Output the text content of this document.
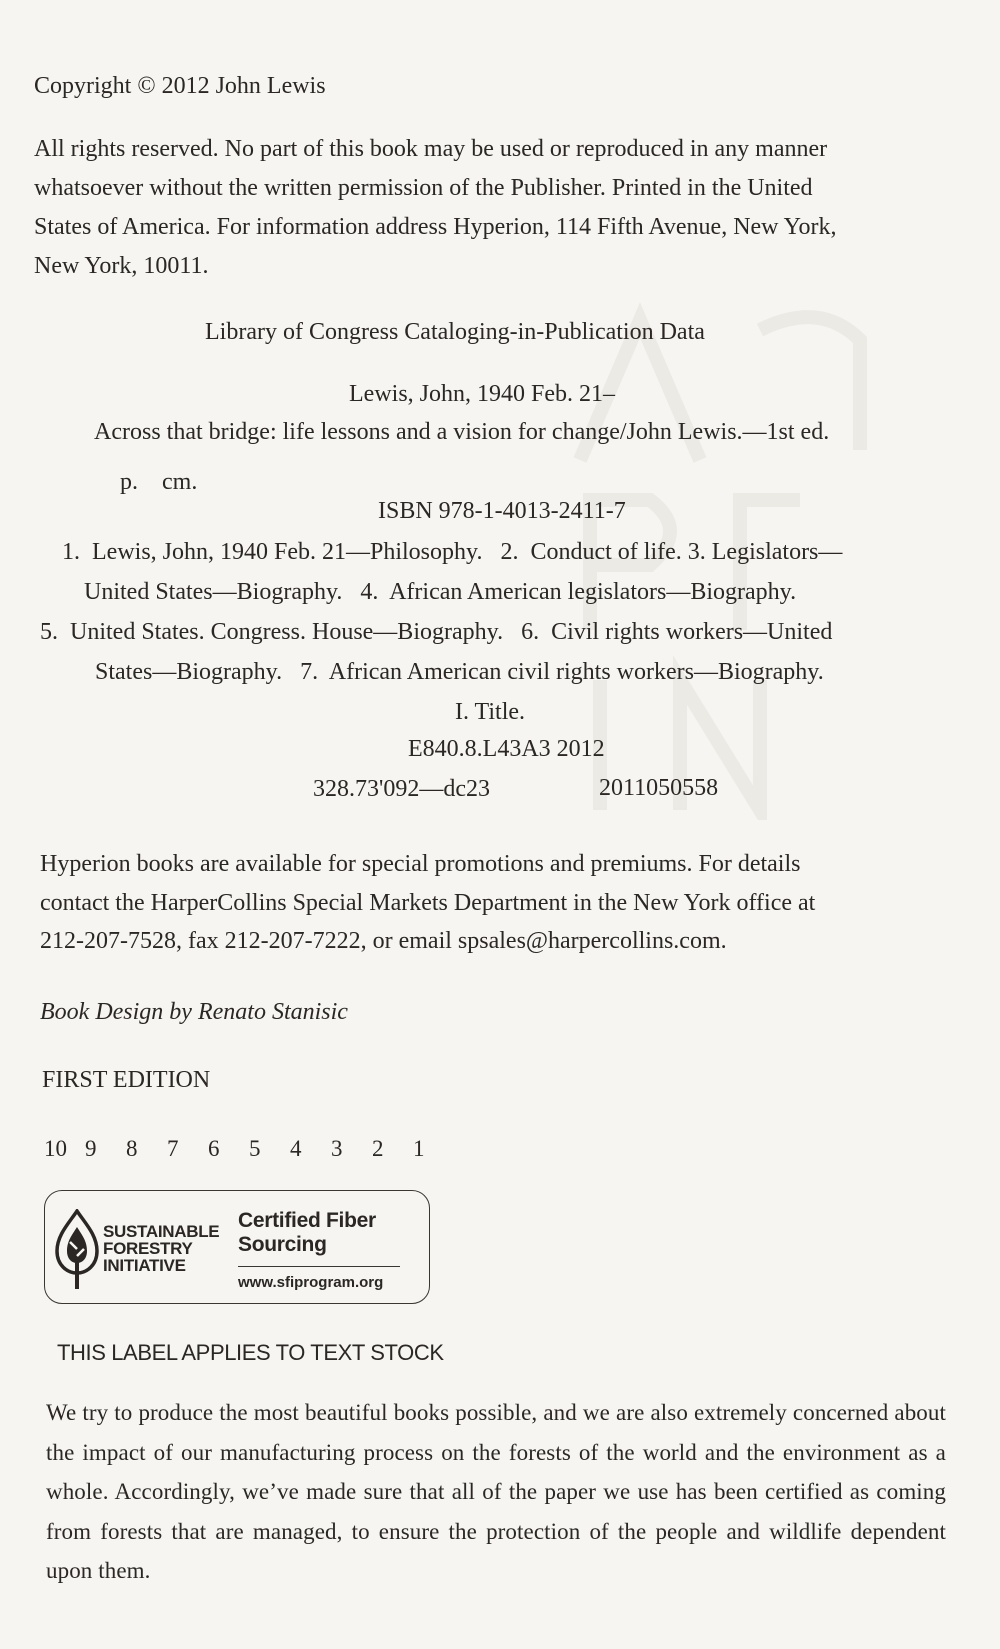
Copyright © 2012 John Lewis
All rights reserved. No part of this book may be used or reproduced in any manner
whatsoever without the written permission of the Publisher. Printed in the United
States of America. For information address Hyperion, 114 Fifth Avenue, New York,
New York, 10011.
Library of Congress Cataloging-in-Publication Data
Lewis, John, 1940 Feb. 21–
Across that bridge: life lessons and a vision for change/John Lewis.—1st ed.
p.    cm.
ISBN 978-1-4013-2411-7
1.  Lewis, John, 1940 Feb. 21—Philosophy.   2.  Conduct of life. 3. Legislators—
United States—Biography.   4.  African American legislators—Biography.
5.  United States. Congress. House—Biography.   6.  Civil rights workers—United
States—Biography.   7.  African American civil rights workers—Biography.
I. Title.
E840.8.L43A3 2012
328.73'092—dc23	2011050558
Hyperion books are available for special promotions and premiums. For details
contact the HarperCollins Special Markets Department in the New York office at
212-207-7528, fax 212-207-7222, or email spsales@harpercollins.com.
Book Design by Renato Stanisic
FIRST EDITION
10 9	8	7	6	5	4	3	2	1
SUSTAINABLE
FORESTRY
INITIATIVE
Certified Fiber
Sourcing
www.sfiprogram.org
THIS LABEL APPLIES TO TEXT STOCK
We try to produce the most beautiful books possible, and we are also extremely concerned about the impact of our manufacturing process on the forests of the world and the environment as a whole. Accordingly, we’ve made sure that all of the paper we use has been certified as coming from forests that are managed, to ensure the protection of the people and wildlife dependent upon them.
